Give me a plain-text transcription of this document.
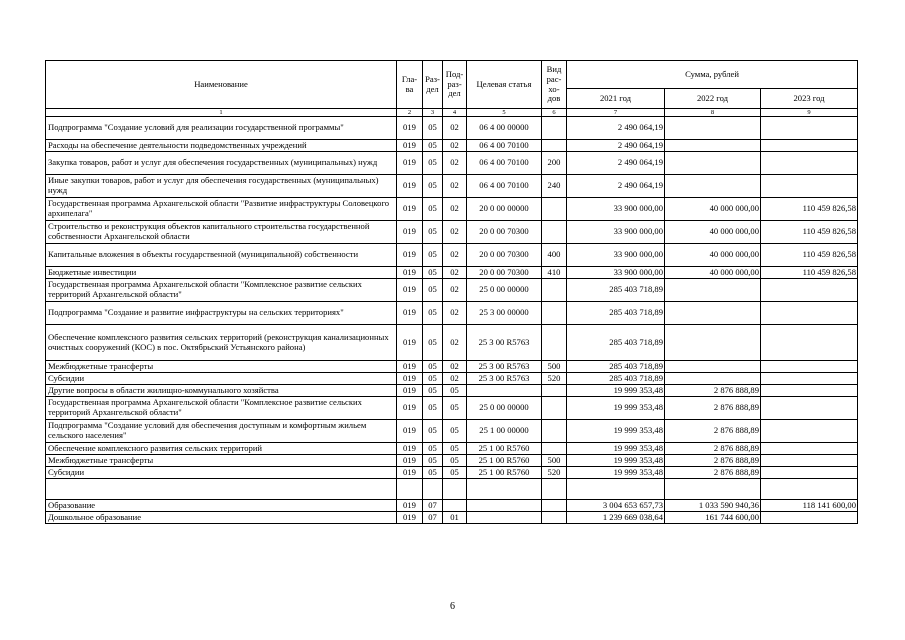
Наименование	Гла-ва	Раз-дел	Под-раз-дел	Целевая статья	Вид рас-хо-дов	Сумма, рублей		
						2021 год	2022 год	2023 год
1	2	3	4	5	6	7	8	9
Подпрограмма "Создание условий для реализации государственной программы"	019	05	02	06 4 00 00000		2 490 064,19		
Расходы на обеспечение деятельности подведомственных учреждений	019	05	02	06 4 00 70100		2 490 064,19		
Закупка товаров, работ и услуг для обеспечения государственных (муниципальных) нужд	019	05	02	06 4 00 70100	200	2 490 064,19		
Иные закупки товаров, работ и услуг для обеспечения государственных (муниципальных) нужд	019	05	02	06 4 00 70100	240	2 490 064,19		
Государственная программа Архангельской области "Развитие инфраструктуры Соловецкого архипелага"	019	05	02	20 0 00 00000		33 900 000,00	40 000 000,00	110 459 826,58
Строительство и реконструкция объектов капитального строительства государственной собственности Архангельской области	019	05	02	20 0 00 70300		33 900 000,00	40 000 000,00	110 459 826,58
Капитальные вложения в объекты государственной (муниципальной) собственности	019	05	02	20 0 00 70300	400	33 900 000,00	40 000 000,00	110 459 826,58
Бюджетные инвестиции	019	05	02	20 0 00 70300	410	33 900 000,00	40 000 000,00	110 459 826,58
Государственная программа Архангельской области "Комплексное развитие сельских территорий Архангельской области"	019	05	02	25 0 00 00000		285 403 718,89		
Подпрограмма "Создание и развитие инфраструктуры на сельских территориях"	019	05	02	25 3 00 00000		285 403 718,89		
Обеспечение комплексного развития сельских территорий (реконструкция канализационных очистных сооружений (КОС) в пос. Октябрьский Устьянского района)	019	05	02	25 3 00 R5763		285 403 718,89		
Межбюджетные трансферты	019	05	02	25 3 00 R5763	500	285 403 718,89		
Субсидии	019	05	02	25 3 00 R5763	520	285 403 718,89		
Другие вопросы в области жилищно-коммунального хозяйства	019	05	05			19 999 353,48	2 876 888,89	
Государственная программа Архангельской области "Комплексное развитие сельских территорий Архангельской области"	019	05	05	25 0 00 00000		19 999 353,48	2 876 888,89	
Подпрограмма "Создание условий для обеспечения доступным и комфортным жильем сельского населения"	019	05	05	25 1 00 00000		19 999 353,48	2 876 888,89	
Обеспечение комплексного развития сельских территорий	019	05	05	25 1 00 R5760		19 999 353,48	2 876 888,89	
Межбюджетные трансферты	019	05	05	25 1 00 R5760	500	19 999 353,48	2 876 888,89	
Субсидии	019	05	05	25 1 00 R5760	520	19 999 353,48	2 876 888,89	

Образование	019	07				3 004 653 657,73	1 033 590 940,36	118 141 600,00
Дошкольное образование	019	07	01			1 239 669 038,64	161 744 600,00	
6
